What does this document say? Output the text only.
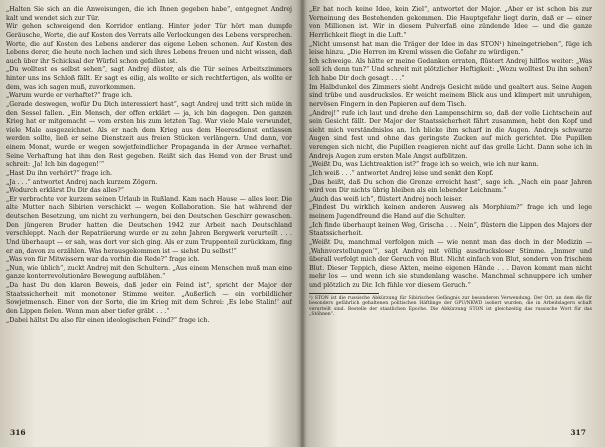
„Halten Sie sich an die Anweisungen, die ich Ihnen gegeben habe“, entgegnet Andrej kalt und wendet sich zur Tür.

Wir gehen schweigend den Korridor entlang. Hinter jeder Tür hört man dumpfe Geräusche, Worte, die auf Kosten des Verrats alle Verlockungen des Lebens versprechen. Worte, die auf Kosten des Lebens anderer das eigene Leben schonen. Auf Kosten des Lebens derer, die heute noch lachen und sich ihres Lebens freuen und nicht wissen, daß auch über ihr Schicksal der Würfel schon gefallen ist.

„Du wolltest es selbst sehen“, sagt Andrej düster, als die Tür seines Arbeitszimmers hinter uns ins Schloß fällt. Er sagt es eilig, als wollte er sich rechtfertigen, als wollte er dem, was ich sagen muß, zuvorkommen.

„Warum wurde er verhaftet?“ frage ich.

„Gerade deswegen, wofür Du Dich interessiert hast“, sagt Andrej und tritt sich müde in den Sessel fallen. „Ein Mensch, der offen erklärt — ja, ich bin dagegen. Den ganzen Krieg hat er mitgemacht — vom ersten bis zum letzten Tag. War viele Male verwundet, viele Male ausgezeichnet. Als er nach dem Krieg aus dem Heeresdienst entlassen werden sollte, ließ er seine Dienstzeit aus freien Stücken verlängern. Und dann, vor einem Monat, wurde er wegen sowjetfeindlicher Propaganda in der Armee verhaftet. Seine Verhaftung hat ihm den Rest gegeben. Reißt sich das Hemd von der Brust und schreit: ‚Ja! Ich bin dagegen!‘“

„Hast Du ihn verhört?“ frage ich.

„Ja . . .“ antwortet Andrej nach kurzem Zögern.

„Wodurch erklärst Du Dir das alles?“

„Er verbrachte vor kurzem seinen Urlaub in Rußland. Kam nach Hause — alles leer. Die alte Mutter nach Sibirien verschickt — wegen Kollaboration. Sie hat während der deutschen Besetzung, um nicht zu verhungern, bei den Deutschen Geschirr gewaschen. Den jüngeren Bruder hatten die Deutschen 1942 zur Arbeit nach Deutschland verschleppt. Nach der Repatriierung wurde er zu zehn Jahren Bergwerk verurteilt . . . Und überhaupt — er sah, was dort vor sich ging. Als er zum Truppenteil zurückkam, fing er an, davon zu erzählen. Was herausgekommen ist — siehst Du selbst!“

„Was von für Mitwissern war da vorhin die Rede?“ frage ich.

„Nun, wie üblich“, zuckt Andrej mit den Schultern. „Aus einem Menschen muß man eine ganze konterrevolutionäre Bewegung aufblähen.“

„Da hast Du den klaren Beweis, daß jeder ein Feind ist“, spricht der Major der Staatssicherheit mit monotoner Stimme weiter. „Außerlich — ein vorbildlicher Sowjetmensch. Einer von der Sorte, die im Krieg mit dem Schrei: ‚Es lebe Stalin!‘ auf den Lippen fielen. Wenn man aber tiefer gräbt . . .“

„Dabei hältst Du also für einen ideologischen Feind?“ frage ich.

316

„Er hat noch keine Idee, kein Ziel“, antwortet der Major. „Aber er ist schon bis zur Verneinung des Bestehenden gekommen. Die Hauptgefahr liegt darin, daß er — einer von Millionen ist. Wir in diesem Pulverfaß eine zündende Idee — und die ganze Herrlichkeit fliegt in die Luft.“

„Nicht umsonst hat man die Träger der Idee in das STON¹) hineingetrieben“, füge ich leise hinzu. „Die Herren im Kreml wissen die Gefahr zu würdigen.“

Ich schweige. Als hätte er meine Gedanken erraten, flüstert Andrej hilflos weiter: „Was soll ich denn tun?“ Und schreit mit plötzlicher Heftigkeit: „Wozu wolltest Du ihn sehen? Ich habe Dir doch gesagt . . .“

Im Halbdunkel des Zimmers sieht Andrejs Gesicht müde und gealtert aus. Seine Augen sind trübe und ausdruckslos. Er weicht meinem Blick aus und klimpert mit unruhigen, nervösen Fingern in den Papieren auf dem Tisch.

„Andrej!“ rufe ich laut und drehe den Lampenschirm so, daß der volle Lichtschein auf sein Gesicht fällt. Der Major der Staatssicherheit fährt zusammen, hebt den Kopf und sieht mich verständnislos an. Ich blicke ihm scharf in die Augen. Andrejs schwarze Augen sind fest und ohne das geringste Zucken auf mich gerichtet. Die Pupillen verengen sich nicht, die Pupillen reagieren nicht auf das grelle Licht. Dann sehe ich in Andrejs Augen zum ersten Male Angst aufblitzen.

„Weißt Du, was Lichtreaktion ist?“ frage ich so weich, wie ich nur kann.

„Ich weiß . . .“ antwortet Andrej leise und senkt den Kopf.

„Das heißt, daß Du schon die Grenze erreicht hast“, sage ich. „Nach ein paar Jahren wird von Dir nichts übrig bleiben als ein lebender Leichnam.“

„Auch das weiß ich“, flüstert Andrej noch leiser.

„Findest Du wirklich keinen anderen Ausweg als Morphium?“ frage ich und lege meinem Jugendfreund die Hand auf die Schulter.

„Ich finde überhaupt keinen Weg, Grischa . . . Nein“, flüstern die Lippen des Majors der Staatssicherheit.

„Weißt Du, manchmal verfolgen mich — wie nennt man das doch in der Medizin — ‚Wahnvorstellungen‘“, sagt Andrej mit völlig ausdrucksloser Stimme. „Immer und überall verfolgt mich der Geruch von Blut. Nicht einfach von Blut, sondern von frischem Blut. Dieser Teppich, diese Akten, meine eigenen Hände . . . Davon kommt man nicht mehr los — und wenn ich sie stundenlang wasche. Manchmal schnuppere ich umher und plötzlich zu Dir. Ich fühle vor diesem Geruch.“

¹) STON ist die russische Abkürzung für Sibirisches Gefängnis zur besonderen Verwendung. Der Ort, an dem die für besonders gefährlich gehaltenen politischen Häftlinge der GPU/NKWD isoliert wurden, die in Arbeitslagern schaft verurteilt sind. Bestelle der staatlichen Epoche. Die Abkürzung STON ist gleichzeitig das russische Wort für das „Stöhnen“.

317
